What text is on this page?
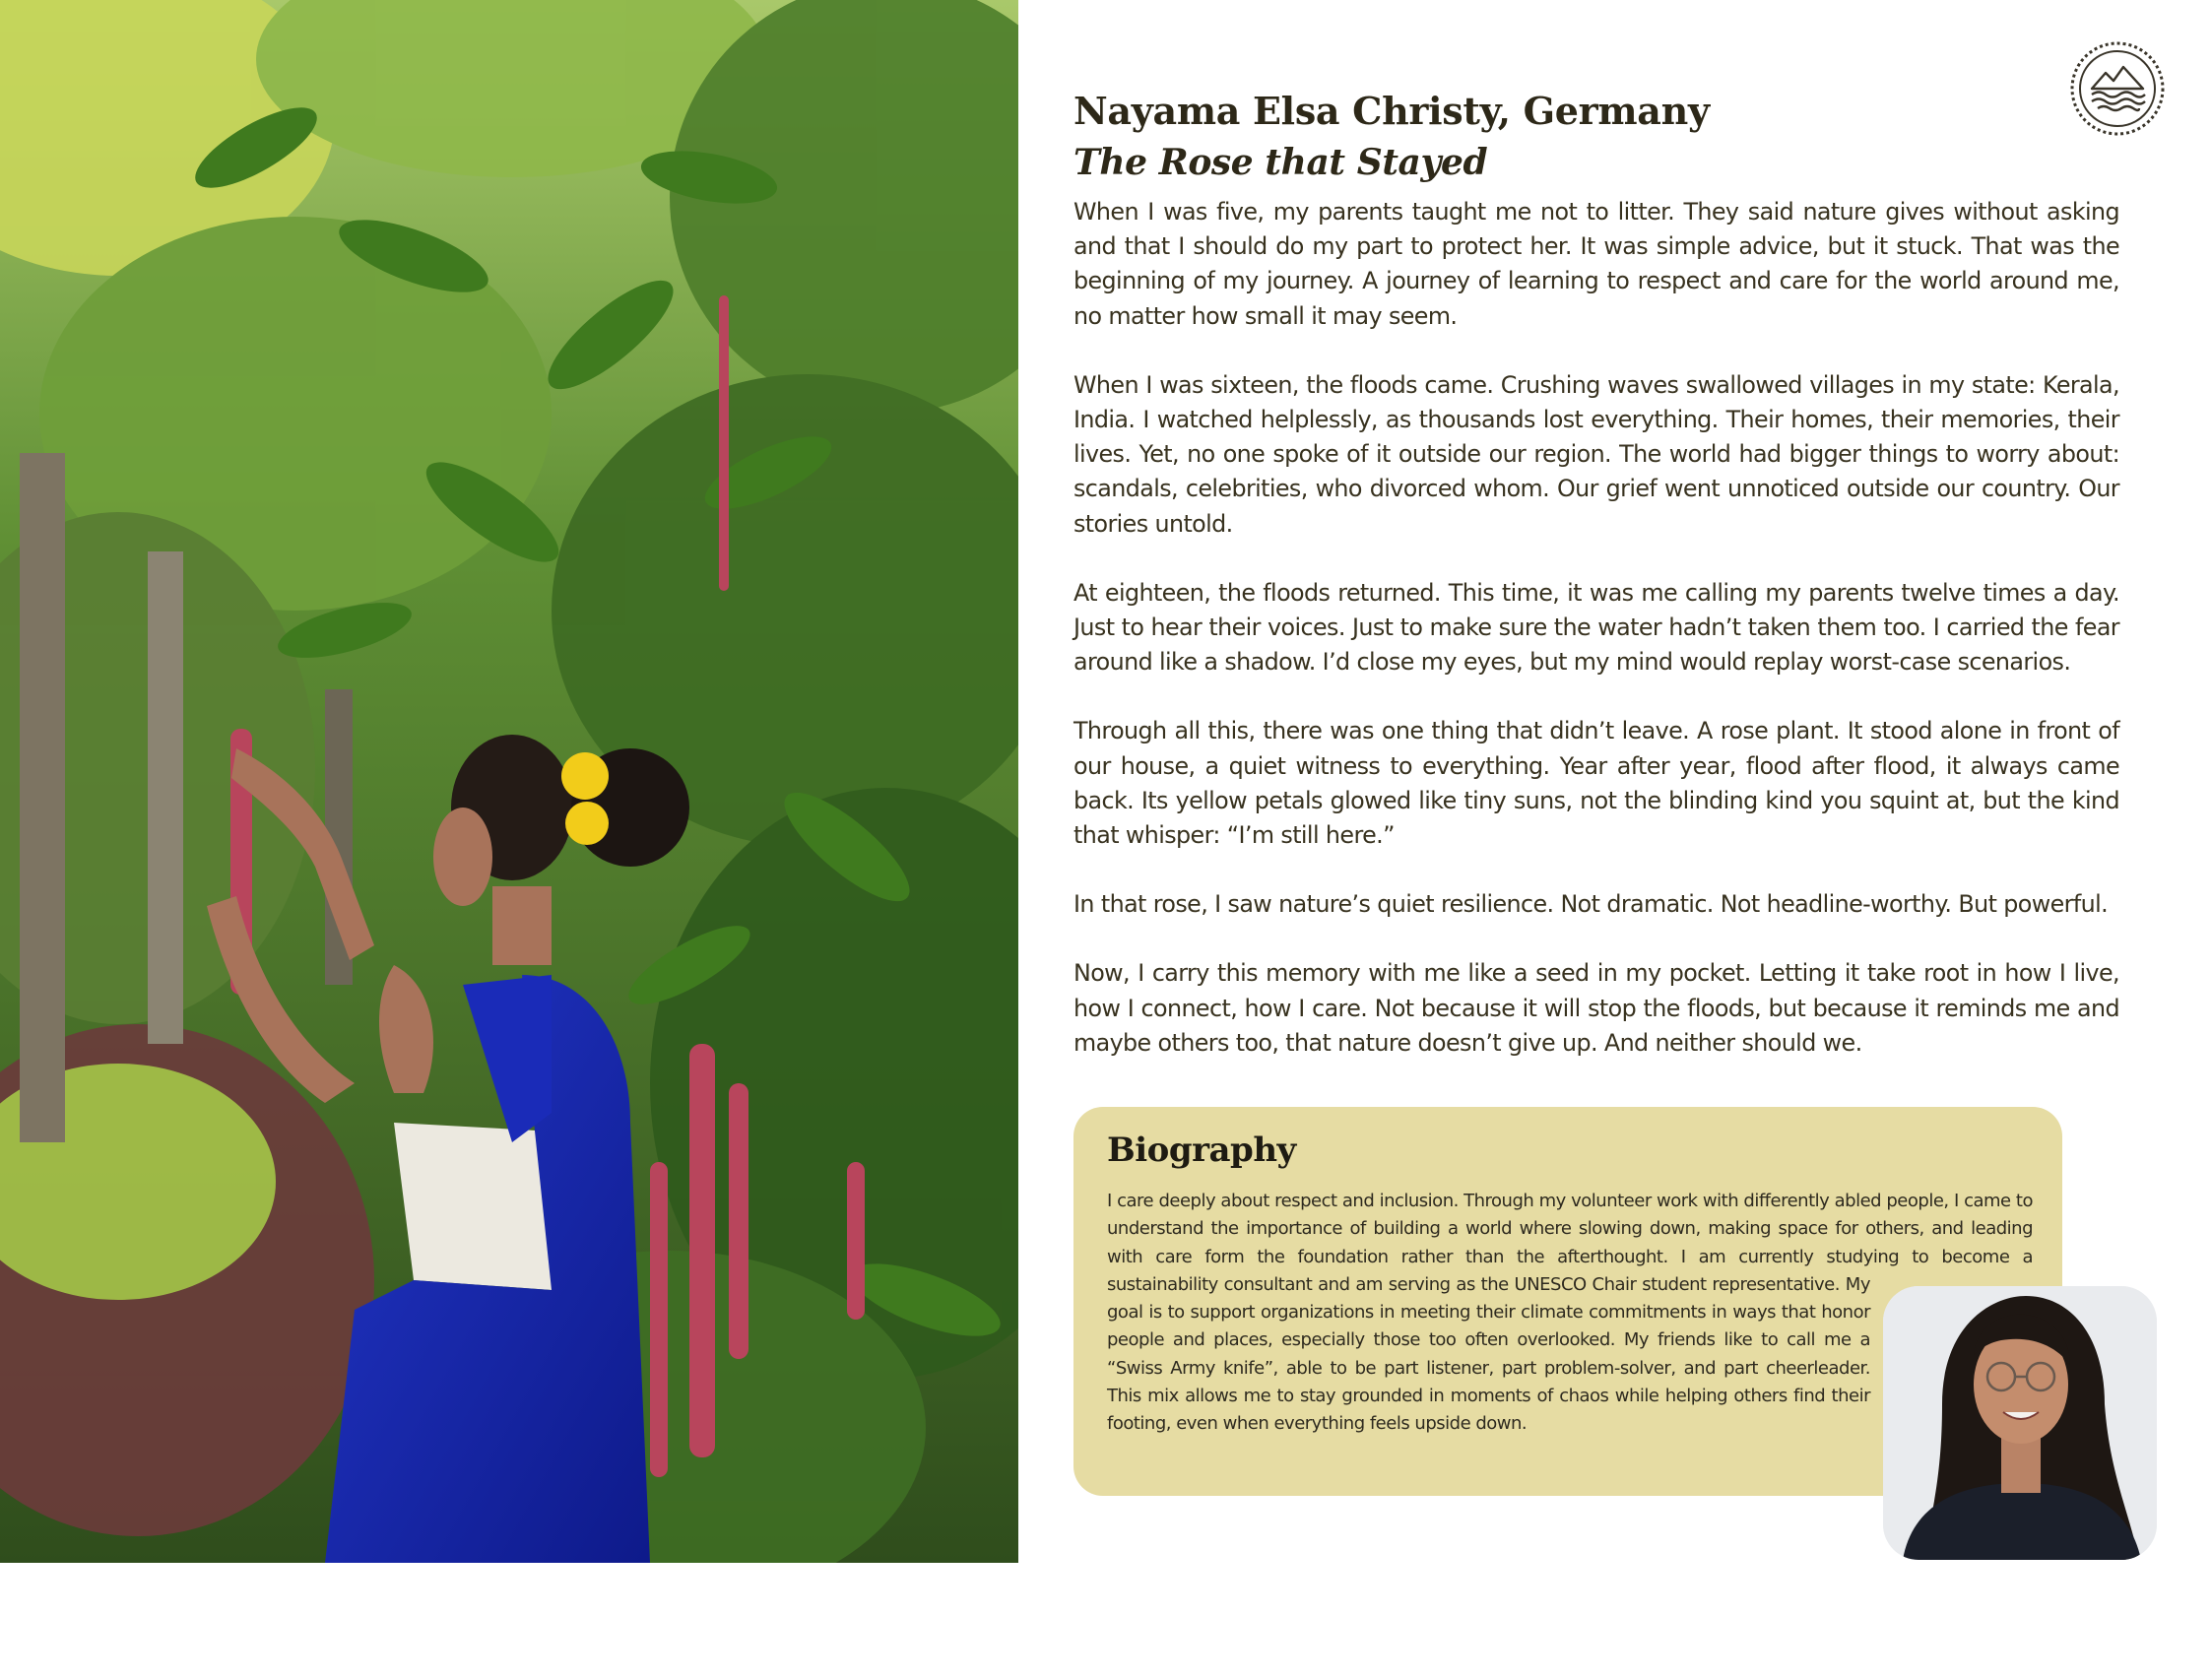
Nayama Elsa Christy, Germany
The Rose that Stayed

When I was five, my parents taught me not to litter. They said nature gives without asking and that I should do my part to protect her. It was simple advice, but it stuck. That was the beginning of my journey. A journey of learning to respect and care for the world around me, no matter how small it may seem.

When I was sixteen, the floods came. Crushing waves swallowed villages in my state: Kerala, India. I watched helplessly, as thousands lost everything. Their homes, their memories, their lives. Yet, no one spoke of it outside our region. The world had bigger things to worry about: scandals, celebrities, who divorced whom. Our grief went unnoticed outside our country. Our stories untold.

At eighteen, the floods returned. This time, it was me calling my parents twelve times a day. Just to hear their voices. Just to make sure the water hadn’t taken them too. I carried the fear around like a shadow. I’d close my eyes, but my mind would replay worst-case scenarios.

Through all this, there was one thing that didn’t leave. A rose plant. It stood alone in front of our house, a quiet witness to everything. Year after year, flood after flood, it always came back. Its yellow petals glowed like tiny suns, not the blinding kind you squint at, but the kind that whisper: “I’m still here.”

In that rose, I saw nature’s quiet resilience. Not dramatic. Not headline-worthy. But powerful.

Now, I carry this memory with me like a seed in my pocket. Letting it take root in how I live, how I connect, how I care. Not because it will stop the floods, but because it reminds me and maybe others too, that nature doesn’t give up. And neither should we.

Biography
I care deeply about respect and inclusion. Through my volunteer work with differently abled people, I came to understand the importance of building a world where slowing down, making space for others, and leading with care form the foundation rather than the afterthought. I am currently studying to become a sustainability consultant and am serving as the UNESCO Chair student representative. My goal is to support organizations in meeting their climate commitments in ways that honor people and places, especially those too often overlooked. My friends like to call me a “Swiss Army knife”, able to be part listener, part problem-solver, and part cheerleader. This mix allows me to stay grounded in moments of chaos while helping others find their footing, even when everything feels upside down.
